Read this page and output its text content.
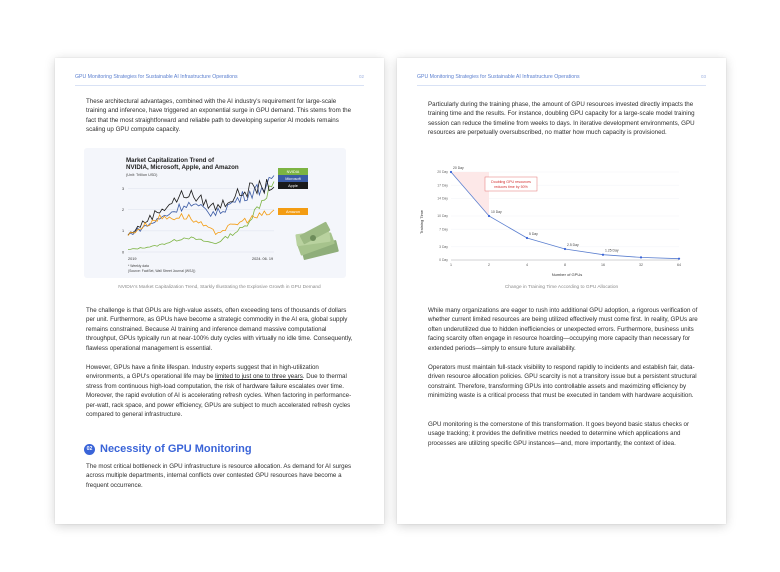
GPU Monitoring Strategies for Sustainable AI Infrastructure Operations	02

These architectural advantages, combined with the AI industry's requirement for large-scale training and inference, have triggered an exponential surge in GPU demand. This stems from the fact that the most straightforward and reliable path to developing superior AI models remains scaling up GPU compute capacity.

Market Capitalization Trend of
NVIDIA, Microsoft, Apple, and Amazon
(Unit: Trillion USD)
3
2
1
0
2019	2024. 06. 19
* Weekly data
(Source: FactSet, Wall Street Journal (WSJ))
NVIDIA
Microsoft
Apple
Amazon
NVIDIA's Market Capitalization Trend, Starkly Illustrating the Explosive Growth in GPU Demand

The challenge is that GPUs are high-value assets, often exceeding tens of thousands of dollars per unit. Furthermore, as GPUs have become a strategic commodity in the AI era, global supply remains constrained. Because AI training and inference demand massive computational throughput, GPUs typically run at near-100% duty cycles with virtually no idle time. Consequently, flawless operational management is essential.

However, GPUs have a finite lifespan. Industry experts suggest that in high-utilization environments, a GPU's operational life may be limited to just one to three years. Due to thermal stress from continuous high-load computation, the risk of hardware failure escalates over time. Moreover, the rapid evolution of AI is accelerating refresh cycles. When factoring in performance-per-watt, rack space, and power efficiency, GPUs are subject to much accelerated refresh cycles compared to general infrastructure.

02 Necessity of GPU Monitoring

The most critical bottleneck in GPU infrastructure is resource allocation. As demand for AI surges across multiple departments, internal conflicts over contested GPU resources have become a frequent occurrence.

GPU Monitoring Strategies for Sustainable AI Infrastructure Operations	03

Particularly during the training phase, the amount of GPU resources invested directly impacts the training time and the results. For instance, doubling GPU capacity for a large-scale model training session can reduce the timeline from weeks to days. In iterative development environments, GPU resources are perpetually oversubscribed, no matter how much capacity is provisioned.

20 Day
17 Day
14 Day
10 Day
7 Day
3 Day
0 Day
1	2	4	8	16	32	64
20 Day
10 Day
5 Day
2.5 Day
1.25 Day
Doubling GPU resources
reduces time by 50%
Training Time
Number of GPUs
Change in Training Time According to GPU Allocation

While many organizations are eager to rush into additional GPU adoption, a rigorous verification of whether current limited resources are being utilized effectively must come first. In reality, GPUs are often underutilized due to hidden inefficiencies or unexpected errors. Furthermore, business units facing scarcity often engage in resource hoarding—occupying more capacity than necessary for extended periods—simply to ensure future availability.

Operators must maintain full-stack visibility to respond rapidly to incidents and establish fair, data-driven resource allocation policies. GPU scarcity is not a transitory issue but a persistent structural constraint. Therefore, transforming GPUs into controllable assets and maximizing efficiency by minimizing waste is a critical process that must be executed in tandem with hardware acquisition.

GPU monitoring is the cornerstone of this transformation. It goes beyond basic status checks or usage tracking; it provides the definitive metrics needed to determine which applications and processes are utilizing specific GPU instances—and, more importantly, the context of idea.
